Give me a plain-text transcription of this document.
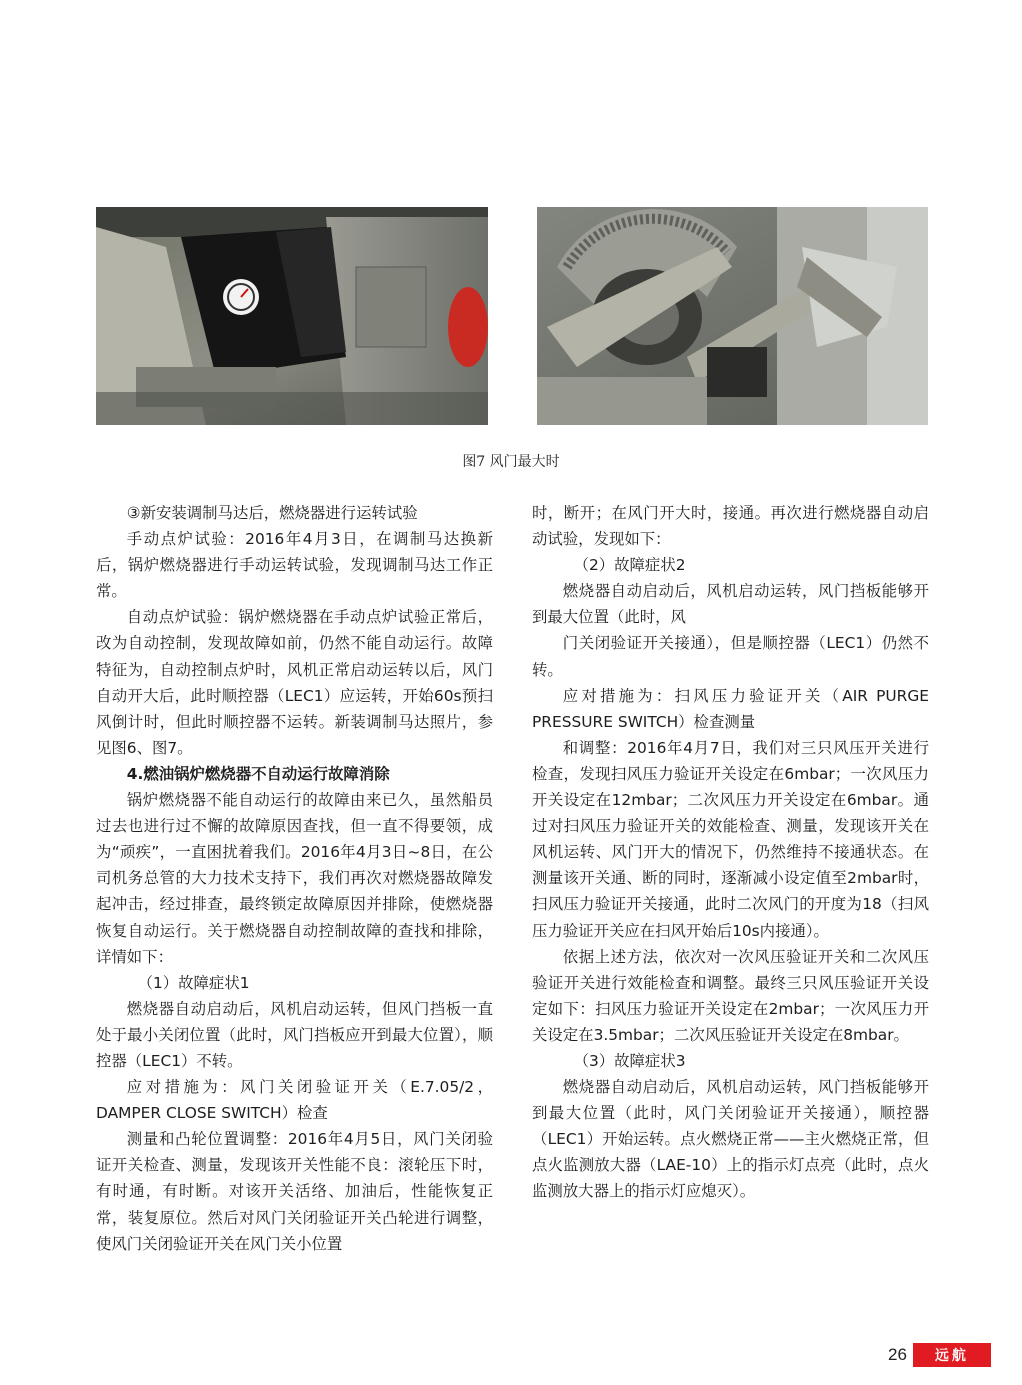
图7 风门最大时

③新安装调制马达后，燃烧器进行运转试验

手动点炉试验：2016年4月3日，在调制马达换新后，锅炉燃烧器进行手动运转试验，发现调制马达工作正常。

自动点炉试验：锅炉燃烧器在手动点炉试验正常后，改为自动控制，发现故障如前，仍然不能自动运行。故障特征为，自动控制点炉时，风机正常启动运转以后，风门自动开大后，此时顺控器（LEC1）应运转，开始60s预扫风倒计时，但此时顺控器不运转。新装调制马达照片，参见图6、图7。

4.燃油锅炉燃烧器不自动运行故障消除

锅炉燃烧器不能自动运行的故障由来已久，虽然船员过去也进行过不懈的故障原因查找，但一直不得要领，成为“顽疾”，一直困扰着我们。2016年4月3日~8日，在公司机务总管的大力技术支持下，我们再次对燃烧器故障发起冲击，经过排查，最终锁定故障原因并排除，使燃烧器恢复自动运行。关于燃烧器自动控制故障的查找和排除，详情如下：

（1）故障症状1

燃烧器自动启动后，风机启动运转，但风门挡板一直处于最小关闭位置（此时，风门挡板应开到最大位置），顺控器（LEC1）不转。

应对措施为：风门关闭验证开关（E.7.05/2，DAMPER CLOSE SWITCH）检查

测量和凸轮位置调整：2016年4月5日，风门关闭验证开关检查、测量，发现该开关性能不良：滚轮压下时，有时通，有时断。对该开关活络、加油后，性能恢复正常，装复原位。然后对风门关闭验证开关凸轮进行调整，使风门关闭验证开关在风门关小位置

时，断开；在风门开大时，接通。再次进行燃烧器自动启动试验，发现如下：

（2）故障症状2

燃烧器自动启动后，风机启动运转，风门挡板能够开到最大位置（此时，风

门关闭验证开关接通），但是顺控器（LEC1）仍然不转。

应对措施为：扫风压力验证开关（AIR PURGE PRESSURE SWITCH）检查测量

和调整：2016年4月7日，我们对三只风压开关进行检查，发现扫风压力验证开关设定在6mbar；一次风压力开关设定在12mbar；二次风压力开关设定在6mbar。通过对扫风压力验证开关的效能检查、测量，发现该开关在风机运转、风门开大的情况下，仍然维持不接通状态。在测量该开关通、断的同时，逐渐减小设定值至2mbar时，扫风压力验证开关接通，此时二次风门的开度为18（扫风压力验证开关应在扫风开始后10s内接通）。

依据上述方法，依次对一次风压验证开关和二次风压验证开关进行效能检查和调整。最终三只风压验证开关设定如下：扫风压力验证开关设定在2mbar；一次风压力开关设定在3.5mbar；二次风压验证开关设定在8mbar。

（3）故障症状3

燃烧器自动启动后，风机启动运转，风门挡板能够开到最大位置（此时，风门关闭验证开关接通），顺控器（LEC1）开始运转。点火燃烧正常——主火燃烧正常，但点火监测放大器（LAE-10）上的指示灯点亮（此时，点火监测放大器上的指示灯应熄灭）。

26	远航
